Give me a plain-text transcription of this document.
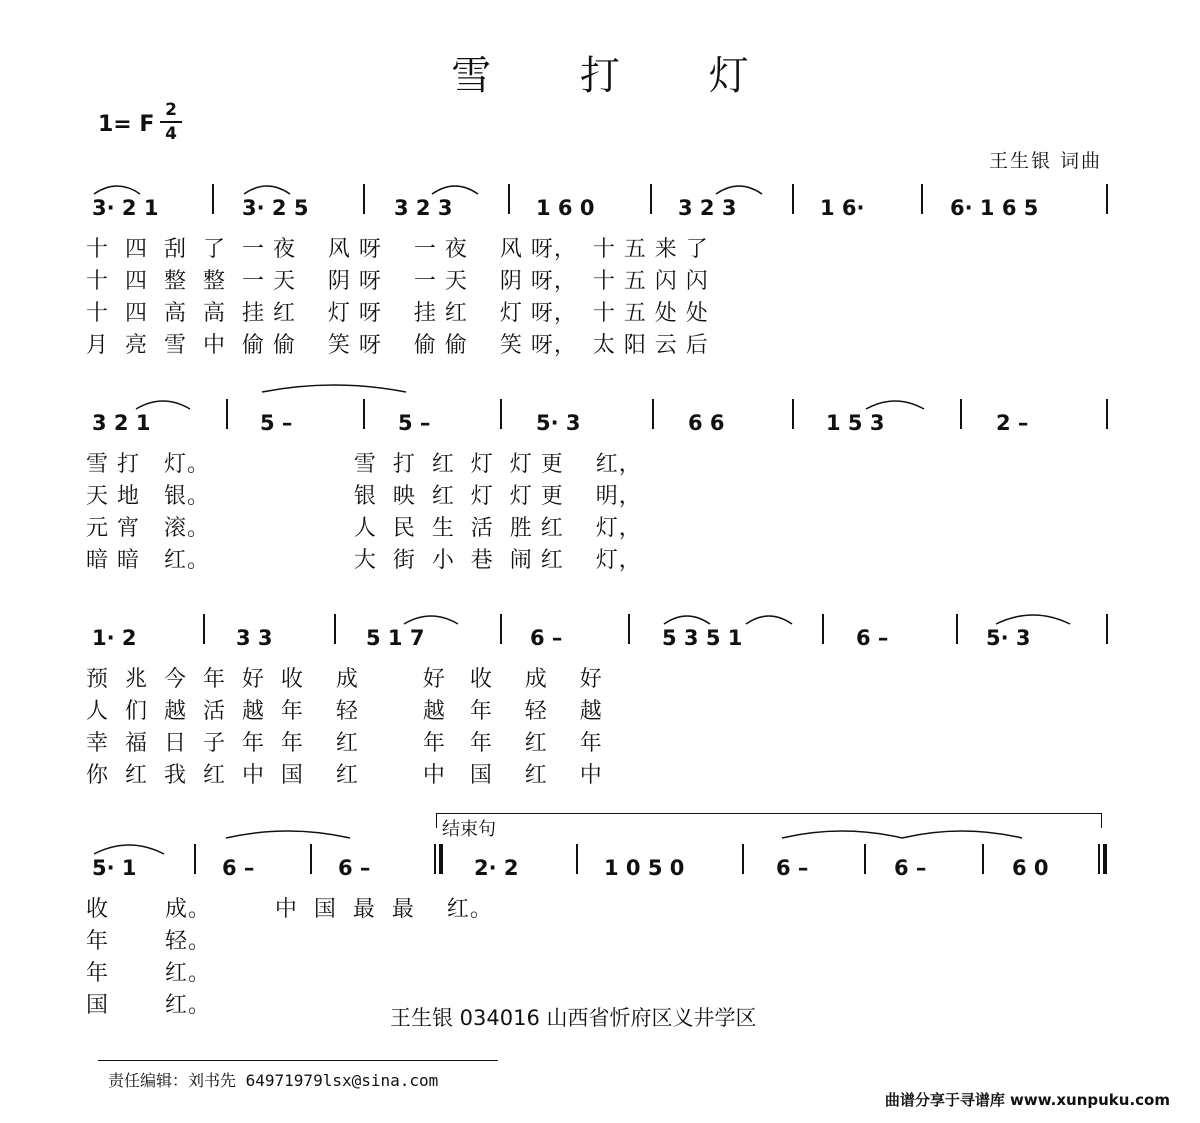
雪 打 灯
1= F
2
4
王生银 词曲
3· 2 1	3· 2 5	3 2 3	1 6 0	3 2 3	1 6·	6· 1 6 5
十  四  刮  了  一 夜    风 呀    一 夜    风 呀，  十 五 来 了
十  四  整  整  一 天    阴 呀    一 天    阴 呀，  十 五 闪 闪
十  四  高  高  挂 红    灯 呀    挂 红    灯 呀，  十 五 处 处
月  亮  雪  中  偷 偷    笑 呀    偷 偷    笑 呀，  太 阳 云 后
3 2 1	5 –	5 –	5· 3	6 6	1 5 3	2 –
雪 打   灯。                  雪  打  红  灯  灯 更    红，
天 地   银。                  银  映  红  灯  灯 更    明，
元 宵   滚。                  人  民  生  活  胜 红    灯，
暗 暗   红。                  大  街  小  巷  闹 红    灯，
1· 2	3 3	5 1 7	6 –	5 3 5 1	6 –	5· 3
预  兆  今  年  好  收    成        好   收    成    好
人  们  越  活  越  年    轻        越   年    轻    越
幸  福  日  子  年  年    红        年   年    红    年
你  红  我  红  中  国    红        中   国    红    中
结束句
5· 1	6 –	6 –	2· 2	1 0 5 0	6 –	6 –	6 0
收       成。        中  国  最  最    红。
年       轻。
年       红。
国       红。	王生银 034016 山西省忻府区义井学区
责任编辑：刘书先 64971979lsx@sina.com
曲谱分享于寻谱库 www.xunpuku.com
